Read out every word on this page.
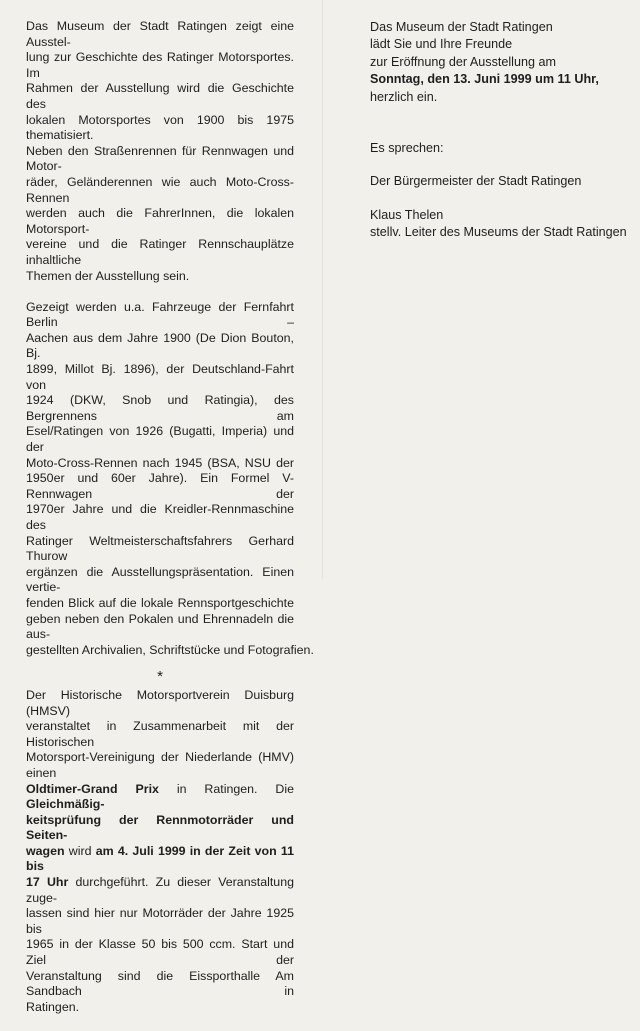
Das Museum der Stadt Ratingen zeigt eine Ausstel-
lung zur Geschichte des Ratinger Motorsportes. Im
Rahmen der Ausstellung wird die Geschichte des
lokalen Motorsportes von 1900 bis 1975 thematisiert.
Neben den Straßenrennen für Rennwagen und Motor-
räder, Geländerennen wie auch Moto-Cross-Rennen
werden auch die FahrerInnen, die lokalen Motorsport-
vereine und die Ratinger Rennschauplätze inhaltliche
Themen der Ausstellung sein.
Gezeigt werden u.a. Fahrzeuge der Fernfahrt Berlin –
Aachen aus dem Jahre 1900 (De Dion Bouton, Bj.
1899, Millot Bj. 1896), der Deutschland-Fahrt von
1924 (DKW, Snob und Ratingia), des Bergrennens am
Esel/Ratingen von 1926 (Bugatti, Imperia) und der
Moto-Cross-Rennen nach 1945 (BSA, NSU der
1950er und 60er Jahre). Ein Formel V-Rennwagen der
1970er Jahre und die Kreidler-Rennmaschine des
Ratinger Weltmeisterschaftsfahrers Gerhard Thurow
ergänzen die Ausstellungspräsentation. Einen vertie-
fenden Blick auf die lokale Rennsportgeschichte
geben neben den Pokalen und Ehrennadeln die aus-
gestellten Archivalien, Schriftstücke und Fotografien.
*
Der Historische Motorsportverein Duisburg (HMSV)
veranstaltet in Zusammenarbeit mit der Historischen
Motorsport-Vereinigung der Niederlande (HMV) einen
Oldtimer-Grand Prix in Ratingen. Die Gleichmäßig-
keitsprüfung der Rennmotorräder und Seiten-
wagen wird am 4. Juli 1999 in der Zeit von 11 bis
17 Uhr durchgeführt. Zu dieser Veranstaltung zuge-
lassen sind hier nur Motorräder der Jahre 1925 bis
1965 in der Klasse 50 bis 500 ccm. Start und Ziel der
Veranstaltung sind die Eissporthalle Am Sandbach in
Ratingen.
Das Museum der Stadt Ratingen
lädt Sie und Ihre Freunde
zur Eröffnung der Ausstellung am
Sonntag, den 13. Juni 1999 um 11 Uhr,
herzlich ein.
Es sprechen:
Der Bürgermeister der Stadt Ratingen
Klaus Thelen
stellv. Leiter des Museums der Stadt Ratingen
